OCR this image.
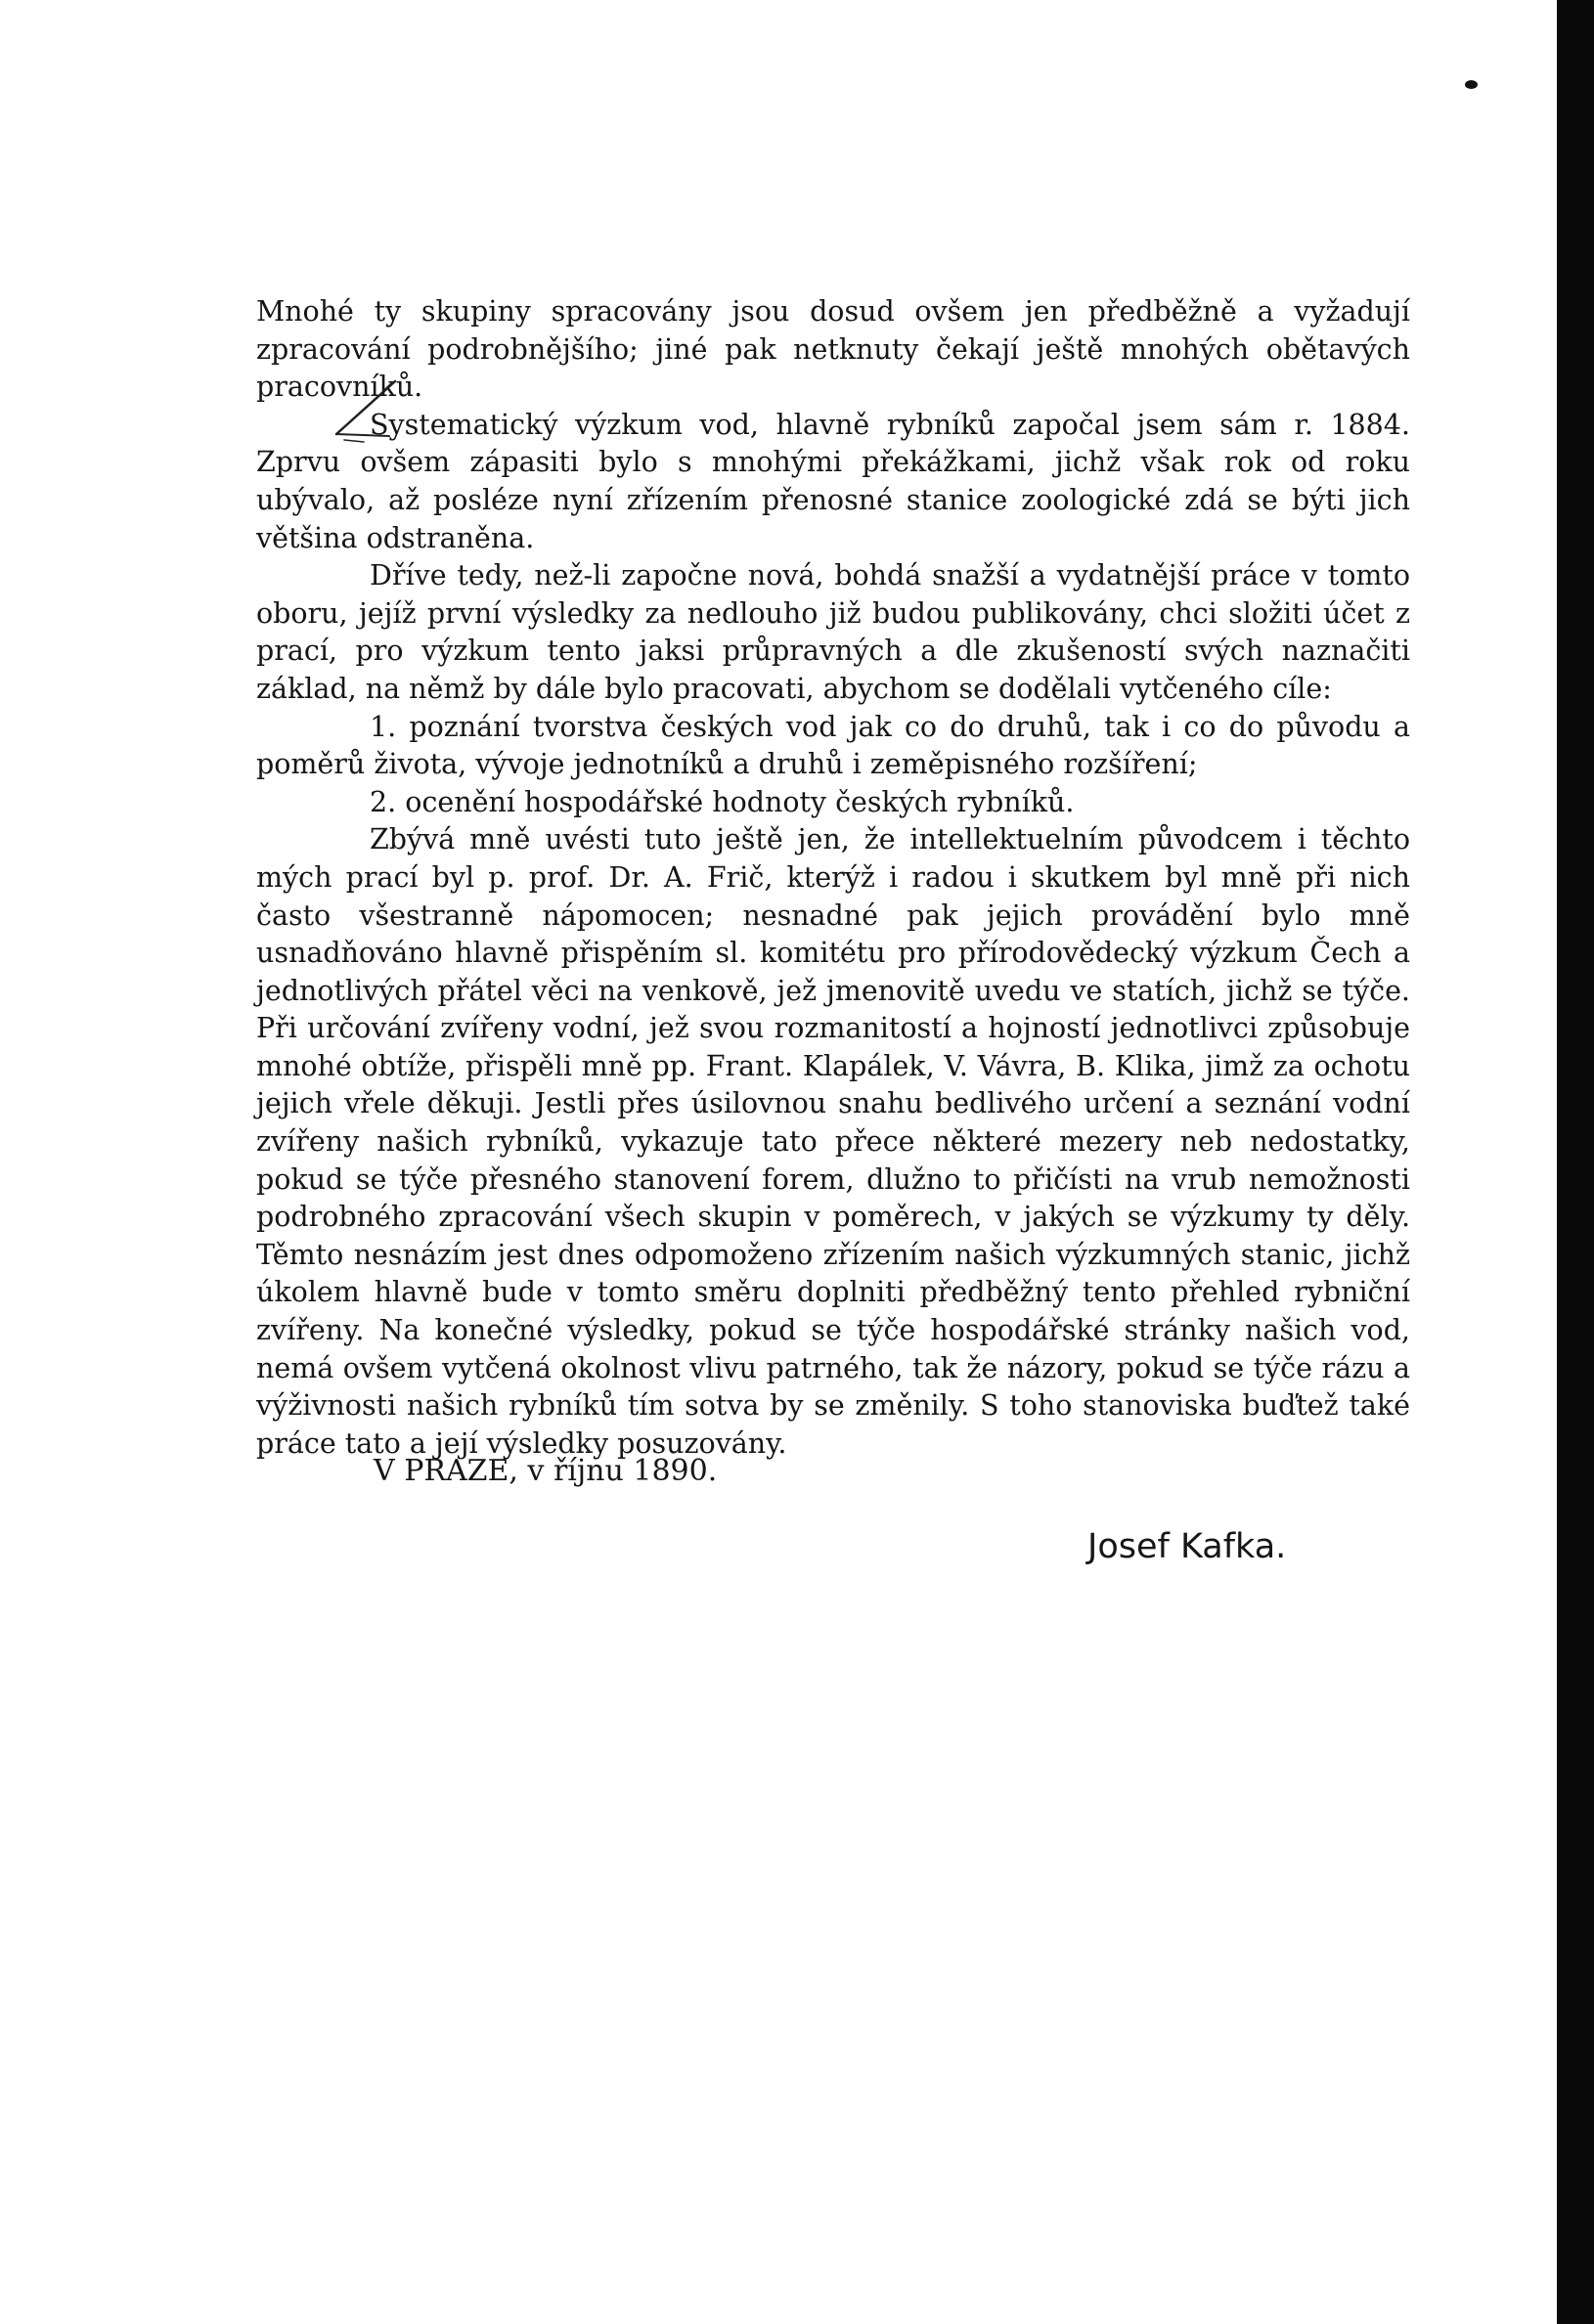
Mnohé ty skupiny spracovány jsou dosud ovšem jen předběžně a vyžadují zpracování podrobnějšího; jiné pak netknuty čekají ještě mnohých obětavých pracovníků.

Systematický výzkum vod, hlavně rybníků započal jsem sám r. 1884. Zprvu ovšem zápasiti bylo s mnohými překážkami, jichž však rok od roku ubývalo, až posléze nyní zřízením přenosné stanice zoologické zdá se býti jich většina odstraněna.

Dříve tedy, než-li započne nová, bohdá snažší a vydatnější práce v tomto oboru, jejíž první výsledky za nedlouho již budou publikovány, chci složiti účet z prací, pro výzkum tento jaksi průpravných a dle zkušeností svých naznačiti základ, na němž by dále bylo pracovati, abychom se dodělali vytčeného cíle:

1. poznání tvorstva českých vod jak co do druhů, tak i co do původu a poměrů života, vývoje jednotníků a druhů i zeměpisného rozšíření;

2. ocenění hospodářské hodnoty českých rybníků.

Zbývá mně uvésti tuto ještě jen, že intellektuelním původcem i těchto mých prací byl p. prof. Dr. A. Frič, kterýž i radou i skutkem byl mně při nich často všestranně nápomocen; nesnadné pak jejich provádění bylo mně usnadňováno hlavně přispěním sl. komitétu pro přírodovědecký výzkum Čech a jednotlivých přátel věci na venkově, jež jmenovitě uvedu ve statích, jichž se týče. Při určování zvířeny vodní, jež svou rozmanitostí a hojností jednotlivci způsobuje mnohé obtíže, přispěli mně pp. Frant. Klapálek, V. Vávra, B. Klika, jimž za ochotu jejich vřele děkuji. Jestli přes úsilovnou snahu bedlivého určení a seznání vodní zvířeny našich rybníků, vykazuje tato přece některé mezery neb nedostatky, pokud se týče přesného stanovení forem, dlužno to přičísti na vrub nemožnosti podrobného zpracování všech skupin v poměrech, v jakých se výzkumy ty děly. Těmto nesnázím jest dnes odpomoženo zřízením našich výzkumných stanic, jichž úkolem hlavně bude v tomto směru doplniti předběžný tento přehled rybniční zvířeny. Na konečné výsledky, pokud se týče hospodářské stránky našich vod, nemá ovšem vytčená okolnost vlivu patrného, tak že názory, pokud se týče rázu a výživnosti našich rybníků tím sotva by se změnily. S toho stanoviska buďtež také práce tato a její výsledky posuzovány.

V PRAZE, v říjnu 1890.
Josef Kafka.
